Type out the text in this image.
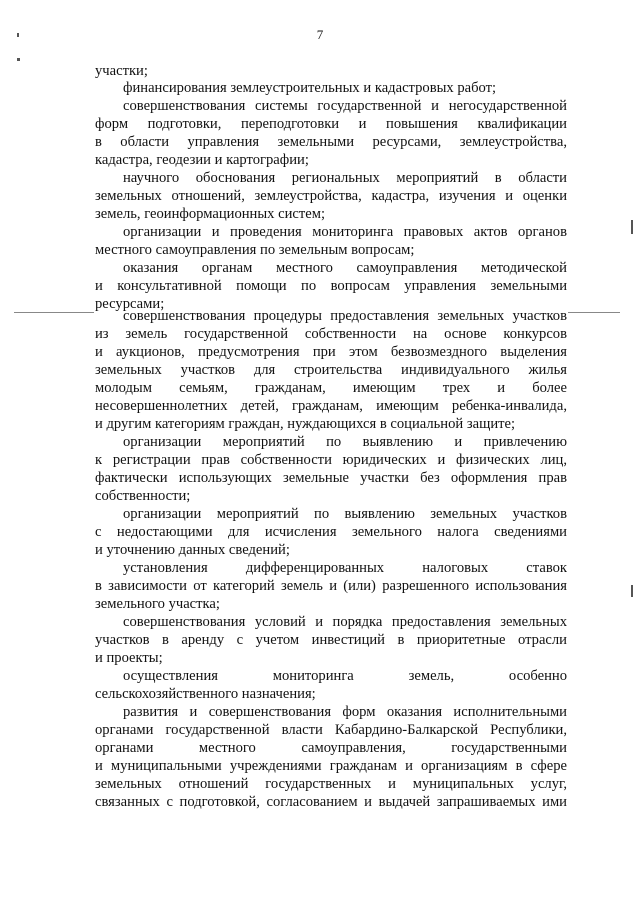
7
участки;
финансирования землеустроительных и кадастровых работ;
совершенствования системы государственной и негосударственной
форм подготовки, переподготовки и повышения квалификации
в области управления земельными ресурсами, землеустройства,
кадастра, геодезии и картографии;
научного обоснования региональных мероприятий в области
земельных отношений, землеустройства, кадастра, изучения и оценки
земель, геоинформационных систем;
организации и проведения мониторинга правовых актов органов
местного самоуправления по земельным вопросам;
оказания органам местного самоуправления методической
и консультативной помощи по вопросам управления земельными
ресурсами;
совершенствования процедуры предоставления земельных участков
из земель государственной собственности на основе конкурсов
и аукционов, предусмотрения при этом безвозмездного выделения
земельных участков для строительства индивидуального жилья
молодым семьям, гражданам, имеющим трех и более
несовершеннолетних детей, гражданам, имеющим ребенка-инвалида,
и другим категориям граждан, нуждающихся в социальной защите;
организации мероприятий по выявлению и привлечению
к регистрации прав собственности юридических и физических лиц,
фактически использующих земельные участки без оформления прав
собственности;
организации мероприятий по выявлению земельных участков
с недостающими для исчисления земельного налога сведениями
и уточнению данных сведений;
установления дифференцированных налоговых ставок
в зависимости от категорий земель и (или) разрешенного использования
земельного участка;
совершенствования условий и порядка предоставления земельных
участков в аренду с учетом инвестиций в приоритетные отрасли
и проекты;
осуществления мониторинга земель, особенно
сельскохозяйственного назначения;
развития и совершенствования форм оказания исполнительными
органами государственной власти Кабардино-Балкарской Республики,
органами местного самоуправления, государственными
и муниципальными учреждениями гражданам и организациям в сфере
земельных отношений государственных и муниципальных услуг,
связанных с подготовкой, согласованием и выдачей запрашиваемых ими
